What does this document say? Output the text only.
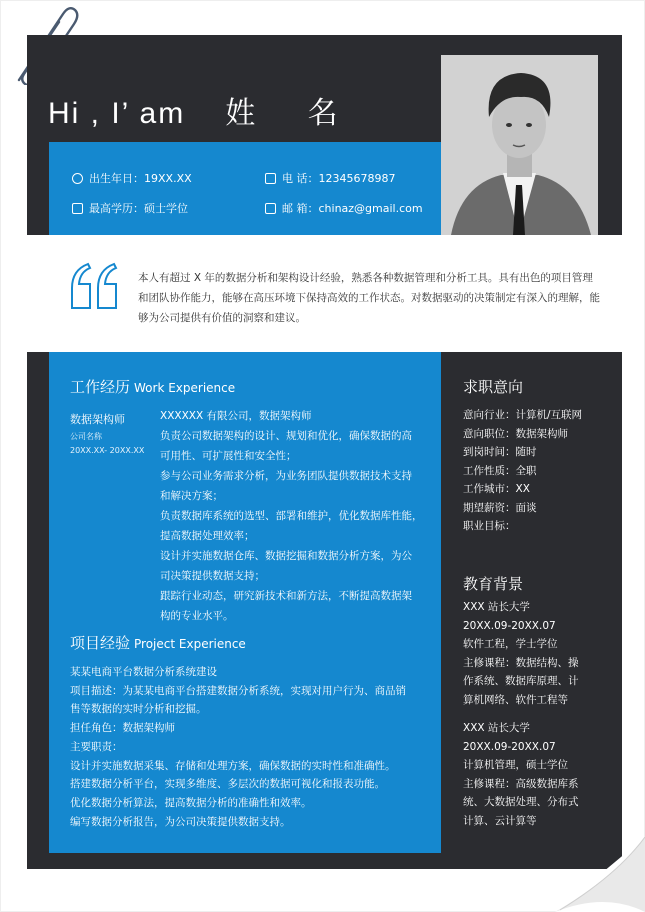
Hi , I’ am 姓 名
出生年日：19XX.XX	电 话：12345678987
最高学历：硕士学位	邮 箱：chinaz@gmail.com
本人有超过 X 年的数据分析和架构设计经验，熟悉各种数据管理和分析工具。具有出色的项目管理和团队协作能力，能够在高压环境下保持高效的工作状态。对数据驱动的决策制定有深入的理解，能够为公司提供有价值的洞察和建议。
工作经历 Work Experience
数据架构师
公司名称
20XX.XX- 20XX.XX
XXXXXX 有限公司，数据架构师
负责公司数据架构的设计、规划和优化，确保数据的高
可用性、可扩展性和安全性；
参与公司业务需求分析，为业务团队提供数据技术支持
和解决方案；
负责数据库系统的选型、部署和维护，优化数据库性能，
提高数据处理效率；
设计并实施数据仓库、数据挖掘和数据分析方案，为公
司决策提供数据支持；
跟踪行业动态，研究新技术和新方法，不断提高数据架
构的专业水平。
项目经验 Project Experience
某某电商平台数据分析系统建设
项目描述：为某某电商平台搭建数据分析系统，实现对用户行为、商品销
售等数据的实时分析和挖掘。
担任角色：数据架构师
主要职责：
设计并实施数据采集、存储和处理方案，确保数据的实时性和准确性。
搭建数据分析平台，实现多维度、多层次的数据可视化和报表功能。
优化数据分析算法，提高数据分析的准确性和效率。
编写数据分析报告，为公司决策提供数据支持。
求职意向
意向行业：计算机/互联网
意向职位：数据架构师
到岗时间：随时
工作性质：全职
工作城市：XX
期望薪资：面谈
职业目标：
教育背景
XXX 站长大学
20XX.09-20XX.07
软件工程，学士学位
主修课程：数据结构、操
作系统、数据库原理、计
算机网络、软件工程等
XXX 站长大学
20XX.09-20XX.07
计算机管理，硕士学位
主修课程：高级数据库系
统、大数据处理、分布式
计算、云计算等
